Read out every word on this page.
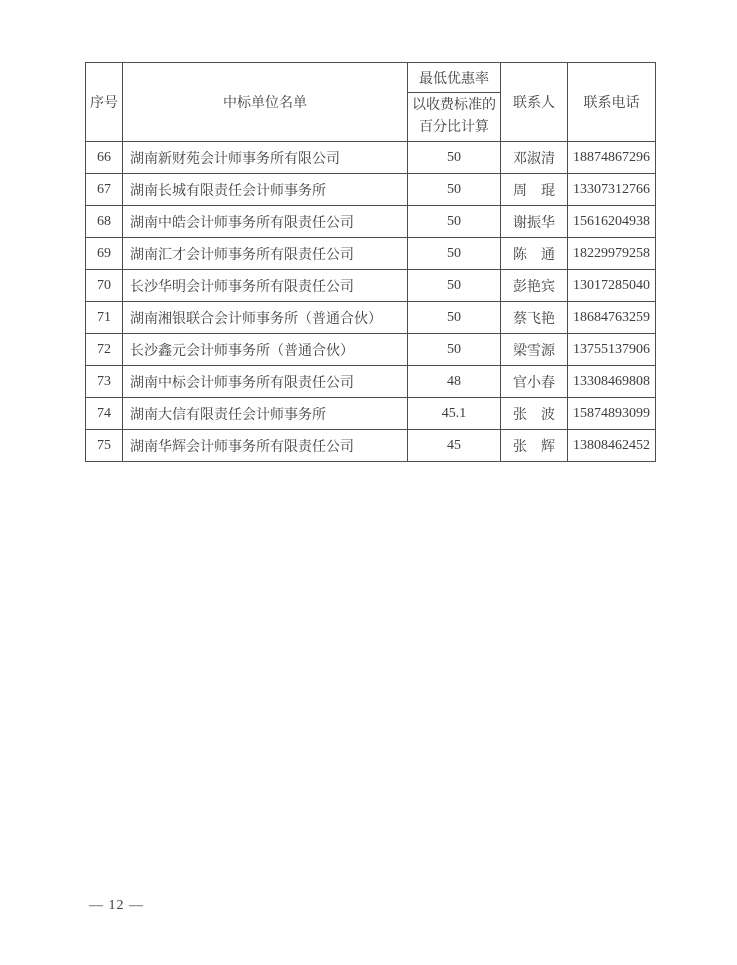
序号	中标单位名单	最低优惠率	联系人	联系电话
		以收费标准的百分比计算		
66	湖南新财苑会计师事务所有限公司	50	邓淑清	18874867296
67	湖南长城有限责任会计师事务所	50	周　琨	13307312766
68	湖南中皓会计师事务所有限责任公司	50	谢振华	15616204938
69	湖南汇才会计师事务所有限责任公司	50	陈　通	18229979258
70	长沙华明会计师事务所有限责任公司	50	彭艳宾	13017285040
71	湖南湘银联合会计师事务所（普通合伙）	50	蔡飞艳	18684763259
72	长沙鑫元会计师事务所（普通合伙）	50	梁雪源	13755137906
73	湖南中标会计师事务所有限责任公司	48	官小春	13308469808
74	湖南大信有限责任会计师事务所	45.1	张　波	15874893099
75	湖南华辉会计师事务所有限责任公司	45	张　辉	13808462452
— 12 —
